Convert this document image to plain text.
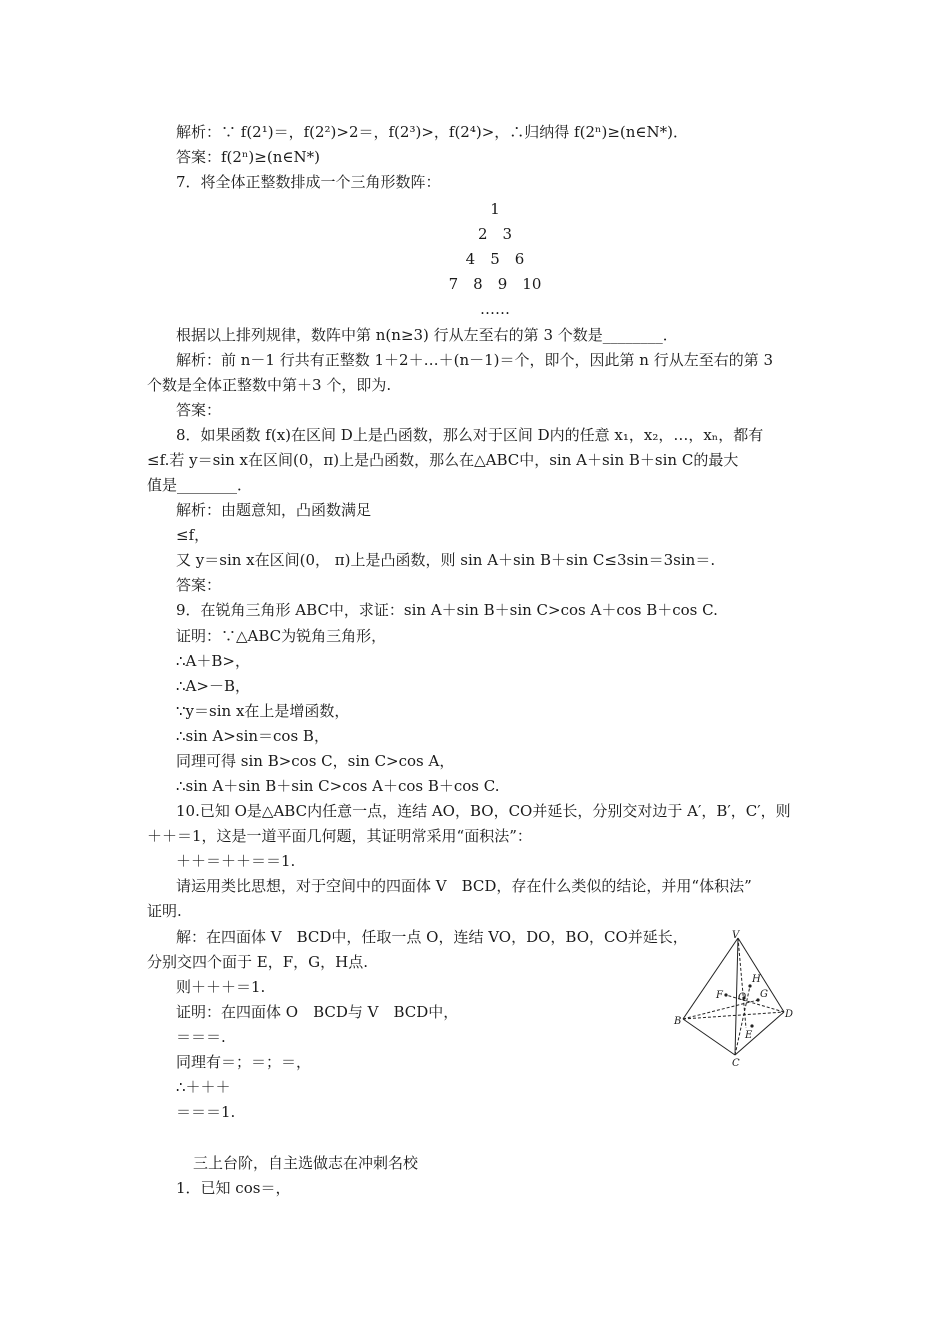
解析：∵ f(2¹)＝，f(2²)>2＝，f(2³)>，f(2⁴)>，∴归纳得 f(2ⁿ)≥(n∈N*)．
答案：f(2ⁿ)≥(n∈N*)
7．将全体正整数排成一个三角形数阵：
1
2　3
4　5　6
7　8　9　10
……
根据以上排列规律，数阵中第 n(n≥3) 行从左至右的第 3 个数是________．
解析：前 n－1 行共有正整数 1＋2＋…＋(n－1)＝个，即个，因此第 n 行从左至右的第 3
个数是全体正整数中第＋3 个，即为.
答案：
8．如果函数 f(x)在区间 D上是凸函数，那么对于区间 D内的任意 x₁，x₂，…，xₙ，都有
≤f.若 y＝sin x在区间(0，π)上是凸函数，那么在△ABC中，sin A＋sin B＋sin C的最大
值是________．
解析：由题意知，凸函数满足
≤f，
又 y＝sin x在区间(0， π)上是凸函数，则 sin A＋sin B＋sin C≤3sin＝3sin＝.
答案：
9．在锐角三角形 ABC中，求证：sin A＋sin B＋sin C>cos A＋cos B＋cos C.
证明：∵△ABC为锐角三角形，
∴A＋B>，
∴A>－B，
∵y＝sin x在上是增函数，
∴sin A>sin＝cos B，
同理可得 sin B>cos C，sin C>cos A，
∴sin A＋sin B＋sin C>cos A＋cos B＋cos C.
10.已知 O是△ABC内任意一点，连结 AO，BO，CO并延长，分别交对边于 A′，B′，C′，则
＋＋＝1，这是一道平面几何题，其证明常采用“面积法”：
＋＋＝＋＋＝＝1.
请运用类比思想，对于空间中的四面体 V　BCD，存在什么类似的结论，并用“体积法”
证明.
解：在四面体 V　BCD中，任取一点 O，连结 VO，DO，BO，CO并延长，
分别交四个面于 E，F，G，H点.
则＋＋＋＝1.
证明：在四面体 O　BCD与 V　BCD中，
＝＝＝.
同理有＝；＝；＝，
∴＋＋＋
＝＝＝1.
三上台阶，自主选做志在冲刺名校
1．已知 cos＝，
V
H
O G
F
B
D
E
C
